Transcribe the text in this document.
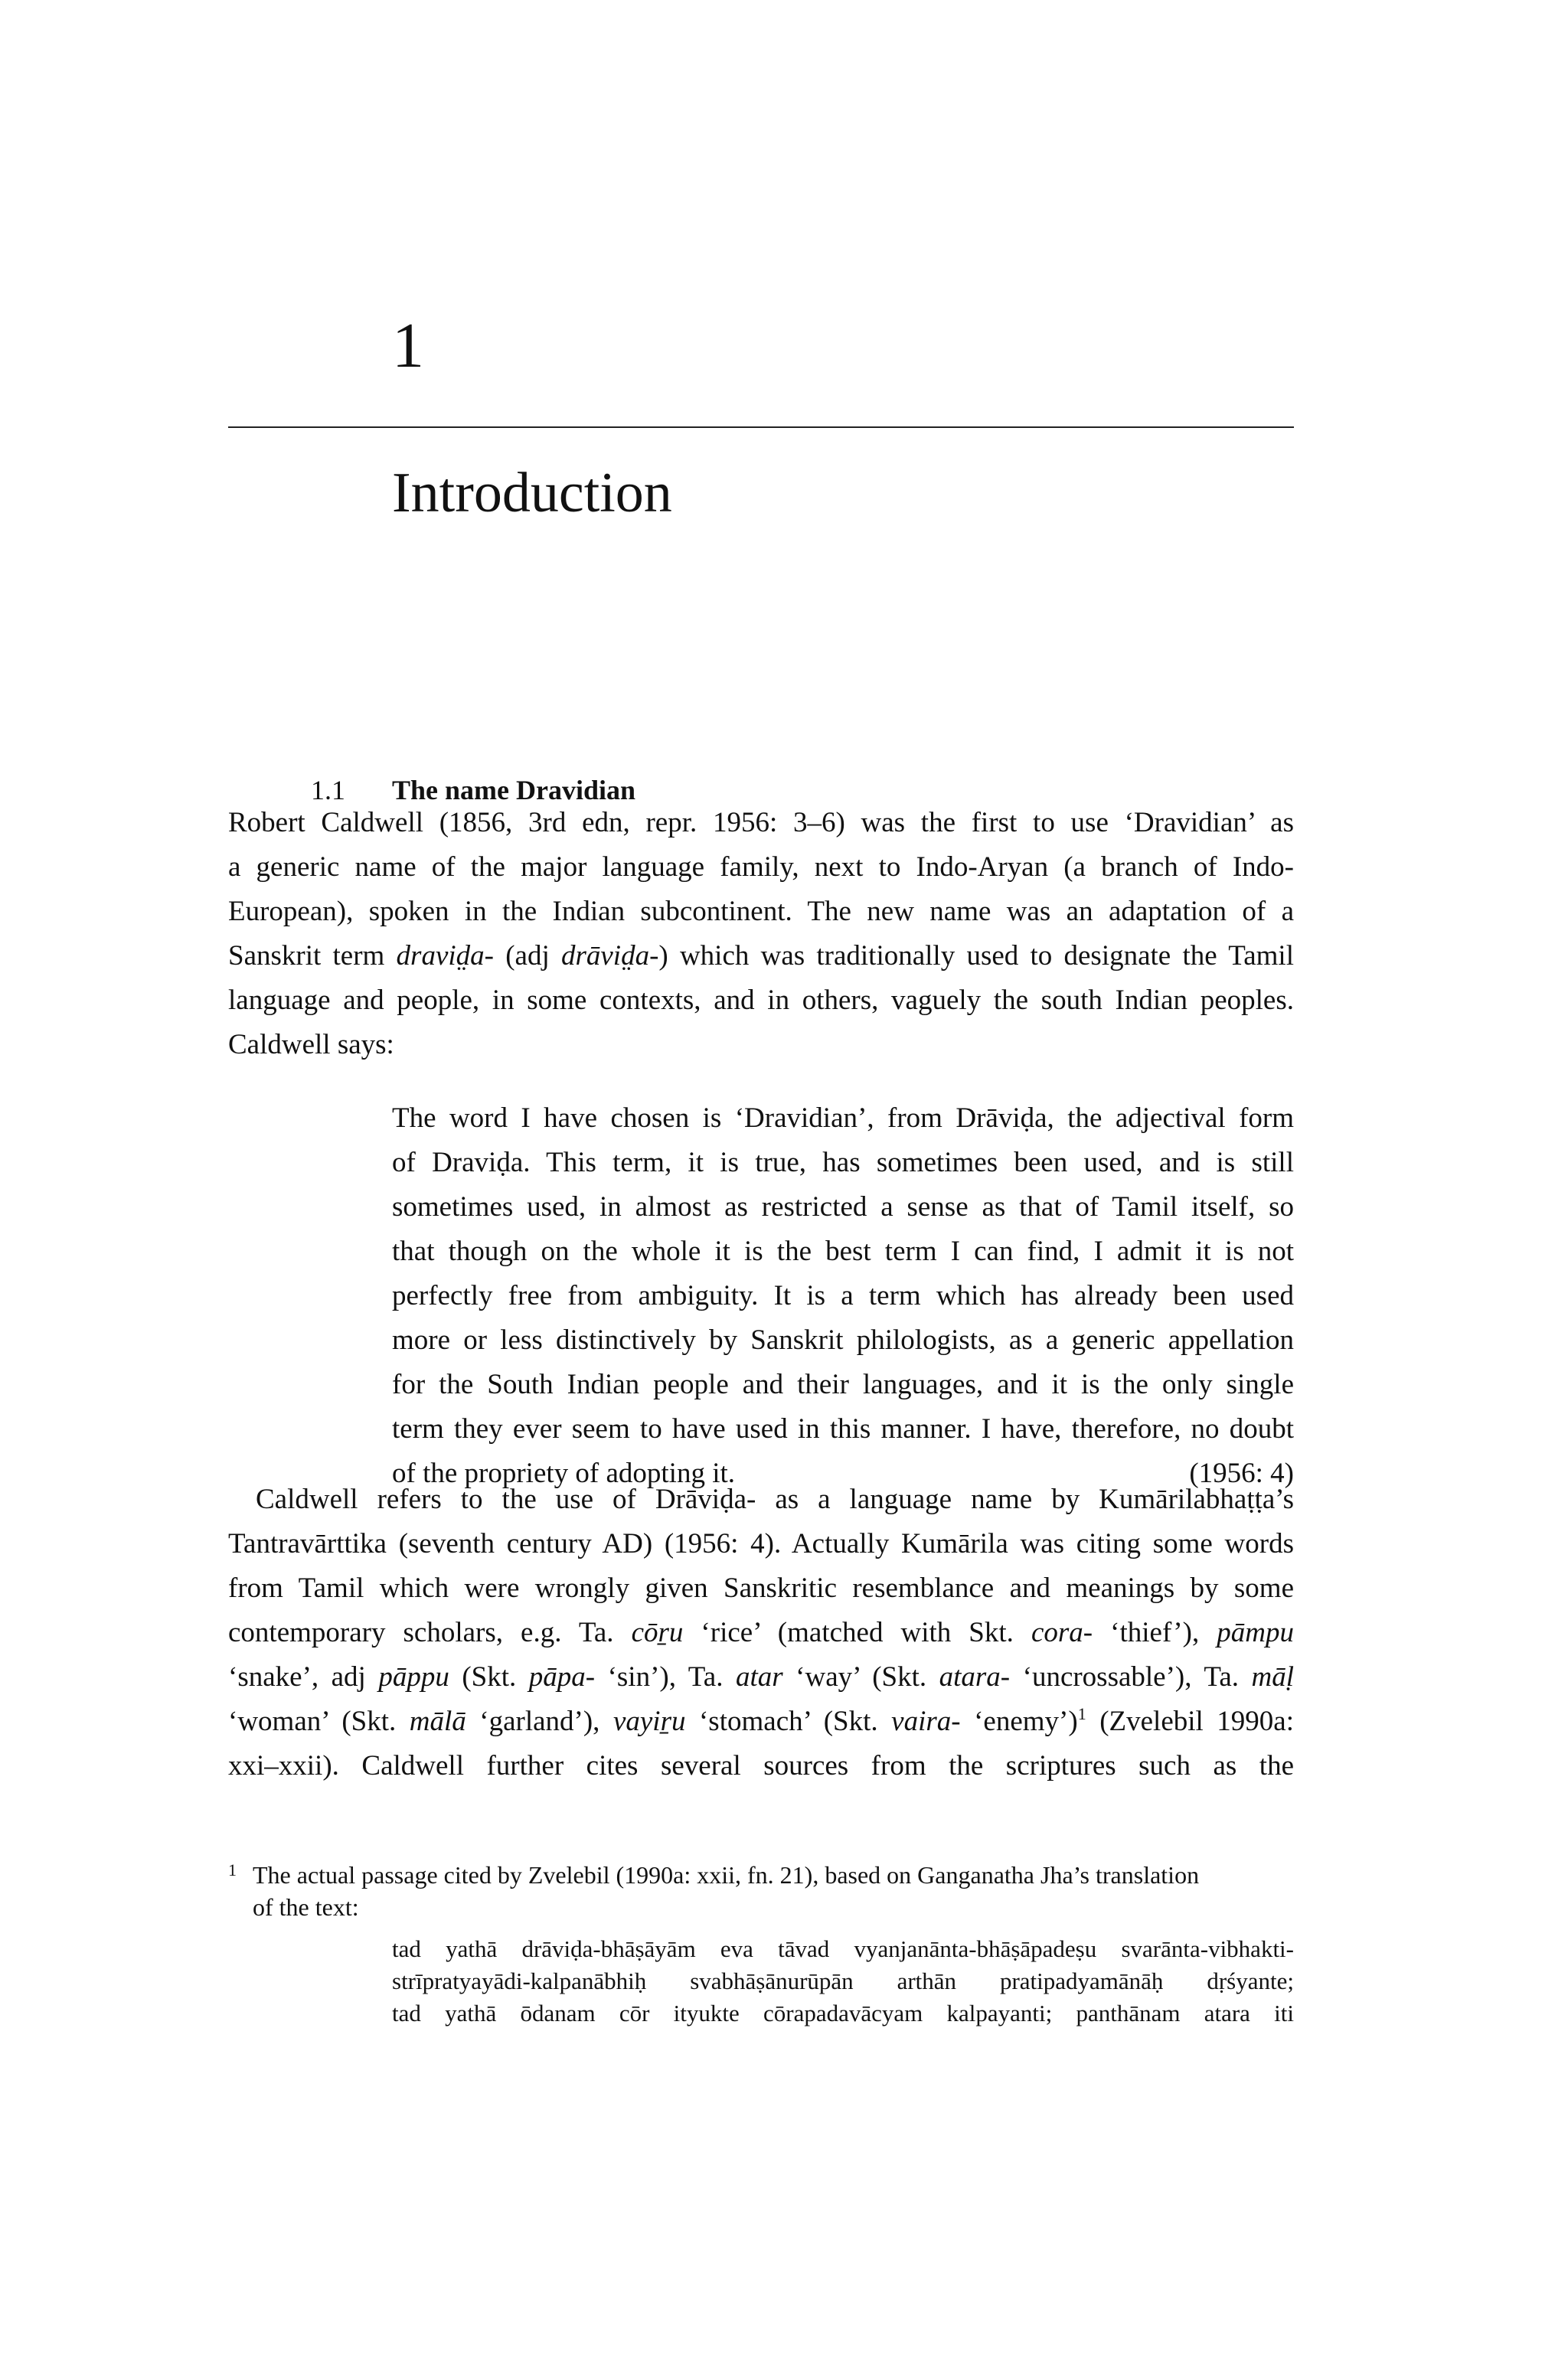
1
Introduction
1.1 The name Dravidian
Robert Caldwell (1856, 3rd edn, repr. 1956: 3–6) was the first to use ‘Dravidian’ as
a generic name of the major language family, next to Indo-Aryan (a branch of Indo-
European), spoken in the Indian subcontinent. The new name was an adaptation of a
Sanskrit term dravid̤a- (adj drāvid̤a-) which was traditionally used to designate the Tamil
language and people, in some contexts, and in others, vaguely the south Indian peoples.
Caldwell says:
The word I have chosen is ‘Dravidian’, from Drāviḍa, the adjectival form
of Draviḍa. This term, it is true, has sometimes been used, and is still
sometimes used, in almost as restricted a sense as that of Tamil itself, so
that though on the whole it is the best term I can find, I admit it is not
perfectly free from ambiguity. It is a term which has already been used
more or less distinctively by Sanskrit philologists, as a generic appellation
for the South Indian people and their languages, and it is the only single
term they ever seem to have used in this manner. I have, therefore, no doubt
of the propriety of adopting it.	(1956: 4)
Caldwell refers to the use of Drāviḍa- as a language name by Kumārilabhaṭṭa’s
Tantravārttika (seventh century AD) (1956: 4). Actually Kumārila was citing some words
from Tamil which were wrongly given Sanskritic resemblance and meanings by some
contemporary scholars, e.g. Ta. cōṟu ‘rice’ (matched with Skt. cora- ‘thief’), pāmpu
‘snake’, adj pāppu (Skt. pāpa- ‘sin’), Ta. atar ‘way’ (Skt. atara- ‘uncrossable’), Ta. māḷ
‘woman’ (Skt. mālā ‘garland’), vayiṟu ‘stomach’ (Skt. vaira- ‘enemy’)$^1$ (Zvelebil 1990a:
xxi–xxii). Caldwell further cites several sources from the scriptures such as the
1 The actual passage cited by Zvelebil (1990a: xxii, fn. 21), based on Ganganatha Jha’s translation
of the text:
tad yathā drāviḍa-bhāṣāyām eva tāvad vyanjanānta-bhāṣāpadeṣu svarānta-vibhakti-
strīpratyayādi-kalpanābhiḥ svabhāṣānurūpān arthān pratipadyamānāḥ dṛśyante;
tad yathā ōdanam cōr ityukte cōrapadavācyam kalpayanti; panthānam atara iti
